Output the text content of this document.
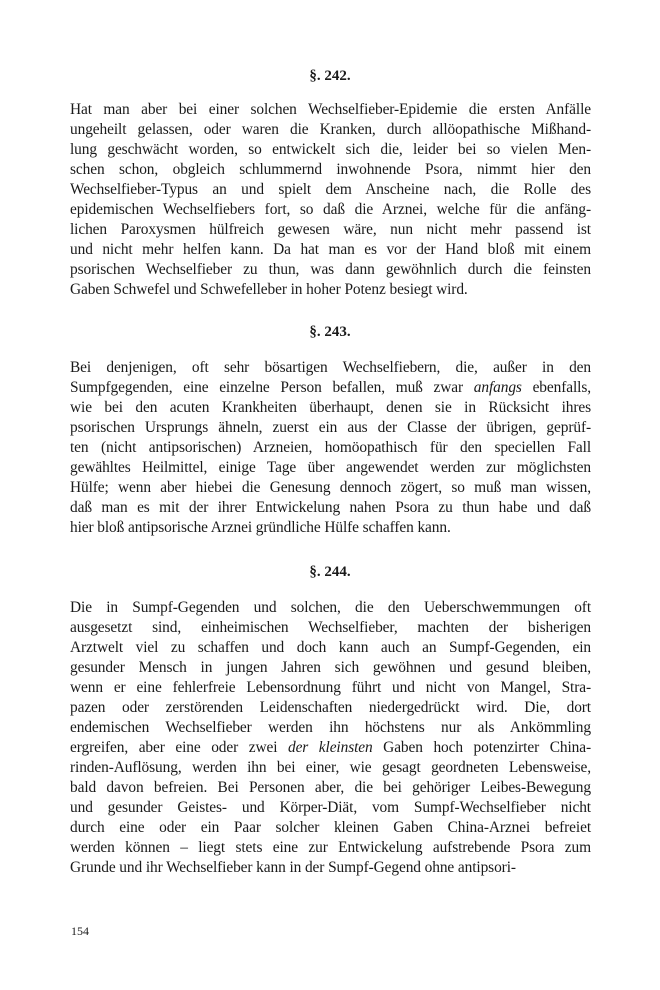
§. 242.
Hat man aber bei einer solchen Wechselfieber-Epidemie die ersten Anfälle
ungeheilt gelassen, oder waren die Kranken, durch allöopathische Mißhand-
lung geschwächt worden, so entwickelt sich die, leider bei so vielen Men-
schen schon, obgleich schlummernd inwohnende Psora, nimmt hier den
Wechselfieber-Typus an und spielt dem Anscheine nach, die Rolle des
epidemischen Wechselfiebers fort, so daß die Arznei, welche für die anfäng-
lichen Paroxysmen hülfreich gewesen wäre, nun nicht mehr passend ist
und nicht mehr helfen kann. Da hat man es vor der Hand bloß mit einem
psorischen Wechselfieber zu thun, was dann gewöhnlich durch die feinsten
Gaben Schwefel und Schwefelleber in hoher Potenz besiegt wird.
§. 243.
Bei denjenigen, oft sehr bösartigen Wechselfiebern, die, außer in den
Sumpfgegenden, eine einzelne Person befallen, muß zwar anfangs ebenfalls,
wie bei den acuten Krankheiten überhaupt, denen sie in Rücksicht ihres
psorischen Ursprungs ähneln, zuerst ein aus der Classe der übrigen, geprüf-
ten (nicht antipsorischen) Arzneien, homöopathisch für den speciellen Fall
gewähltes Heilmittel, einige Tage über angewendet werden zur möglichsten
Hülfe; wenn aber hiebei die Genesung dennoch zögert, so muß man wissen,
daß man es mit der ihrer Entwickelung nahen Psora zu thun habe und daß
hier bloß antipsorische Arznei gründliche Hülfe schaffen kann.
§. 244.
Die in Sumpf-Gegenden und solchen, die den Ueberschwemmungen oft
ausgesetzt sind, einheimischen Wechselfieber, machten der bisherigen
Arztwelt viel zu schaffen und doch kann auch an Sumpf-Gegenden, ein
gesunder Mensch in jungen Jahren sich gewöhnen und gesund bleiben,
wenn er eine fehlerfreie Lebensordnung führt und nicht von Mangel, Stra-
pazen oder zerstörenden Leidenschaften niedergedrückt wird. Die, dort
endemischen Wechselfieber werden ihn höchstens nur als Ankömmling
ergreifen, aber eine oder zwei der kleinsten Gaben hoch potenzirter China-
rinden-Auflösung, werden ihn bei einer, wie gesagt geordneten Lebensweise,
bald davon befreien. Bei Personen aber, die bei gehöriger Leibes-Bewegung
und gesunder Geistes- und Körper-Diät, vom Sumpf-Wechselfieber nicht
durch eine oder ein Paar solcher kleinen Gaben China-Arznei befreiet
werden können – liegt stets eine zur Entwickelung aufstrebende Psora zum
Grunde und ihr Wechselfieber kann in der Sumpf-Gegend ohne antipsori-
154
